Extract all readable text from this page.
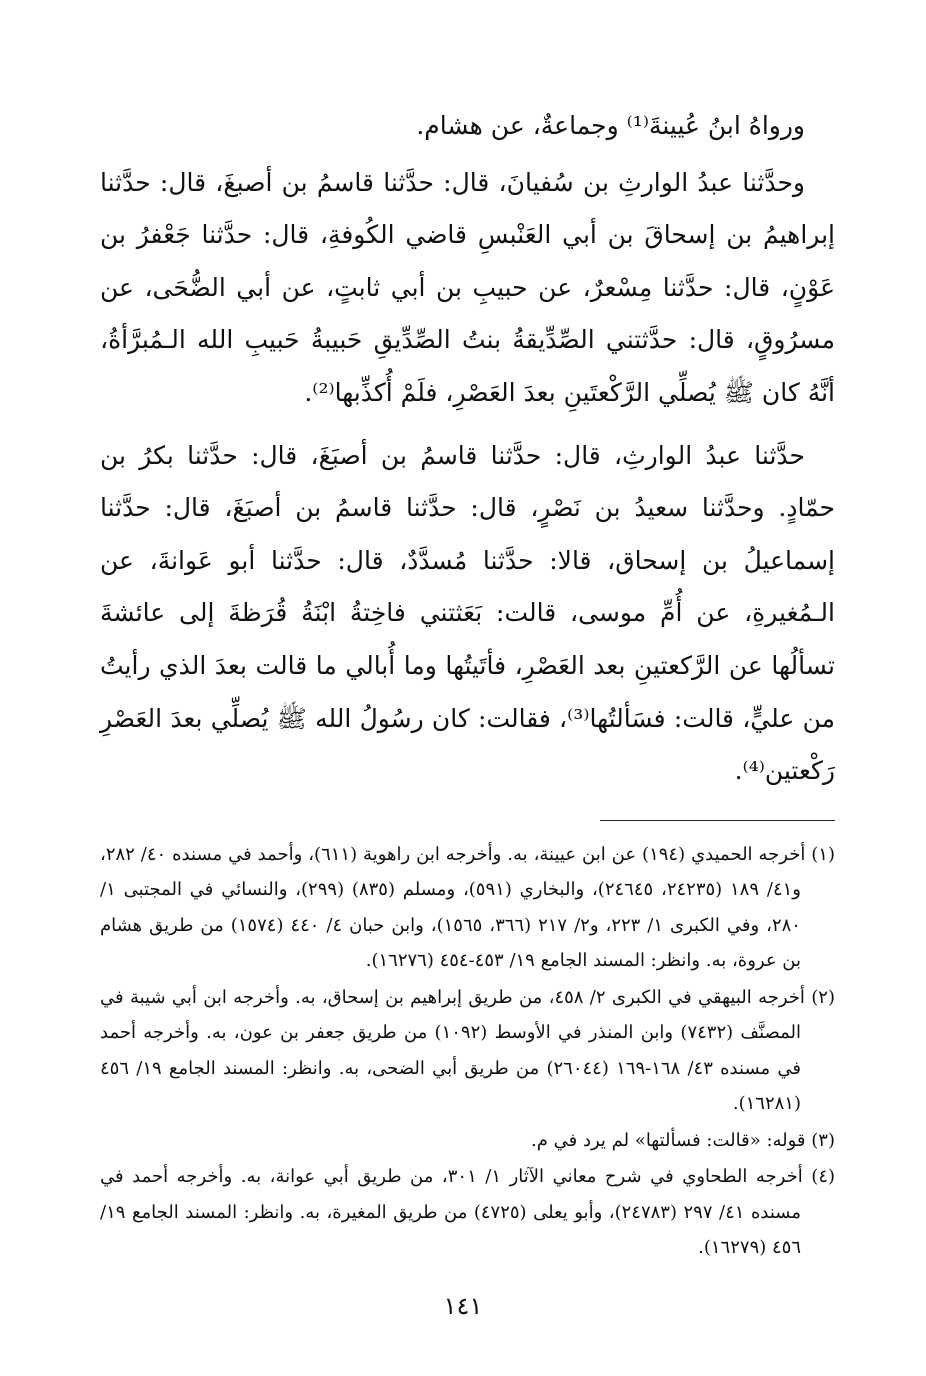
ورواهُ ابنُ عُيينةَ⁽¹⁾ وجماعةٌ، عن هشام.

وحدَّثنا عبدُ الوارثِ بن سُفيانَ، قال: حدَّثنا قاسمُ بن أصبغَ، قال: حدَّثنا إبراهيمُ بن إسحاقَ بن أبي العَنْبسِ قاضي الكُوفةِ، قال: حدَّثنا جَعْفرُ بن عَوْنٍ، قال: حدَّثنا مِسْعرٌ، عن حبيبِ بن أبي ثابتٍ، عن أبي الضُّحَى، عن مسرُوقٍ، قال: حدَّثتني الصِّدِّيقةُ بنتُ الصِّدِّيقِ حَبيبةُ حَبيبِ الله الـمُبرَّأةُ، أنَّهُ كان ﷺ يُصلِّي الرَّكْعتَينِ بعدَ العَصْرِ، فلَمْ أُكذِّبها⁽²⁾.

حدَّثنا عبدُ الوارثِ، قال: حدَّثنا قاسمُ بن أصبَغَ، قال: حدَّثنا بكرُ بن حمّادٍ. وحدَّثنا سعيدُ بن نَصْرٍ، قال: حدَّثنا قاسمُ بن أصبَغَ، قال: حدَّثنا إسماعيلُ بن إسحاق، قالا: حدَّثنا مُسدَّدٌ، قال: حدَّثنا أبو عَوانةَ، عن الـمُغيرةِ، عن أُمِّ موسى، قالت: بَعَثتني فاخِتةُ ابْنَةُ قُرَظةَ إلى عائشةَ تسألُها عن الرَّكعتينِ بعد العَصْرِ، فأتَيتُها وما أُبالي ما قالت بعدَ الذي رأيتُ من عليٍّ، قالت: فسَألتُها⁽³⁾، فقالت: كان رسُولُ الله ﷺ يُصلِّي بعدَ العَصْرِ رَكْعتين⁽⁴⁾.

(١) أخرجه الحميدي (١٩٤) عن ابن عيينة، به. وأخرجه ابن راهوية (٦١١)، وأحمد في مسنده ٤٠/ ٢٨٢، و٤١/ ١٨٩ (٢٤٢٣٥، ٢٤٦٤٥)، والبخاري (٥٩١)، ومسلم (٨٣٥) (٢٩٩)، والنسائي في المجتبى ١/ ٢٨٠، وفي الكبرى ١/ ٢٢٣، و٢/ ٢١٧ (٣٦٦، ١٥٦٥)، وابن حبان ٤/ ٤٤٠ (١٥٧٤) من طريق هشام بن عروة، به. وانظر: المسند الجامع ١٩/ ٤٥٣-٤٥٤ (١٦٢٧٦).

(٢) أخرجه البيهقي في الكبرى ٢/ ٤٥٨، من طريق إبراهيم بن إسحاق، به. وأخرجه ابن أبي شيبة في المصنَّف (٧٤٣٢) وابن المنذر في الأوسط (١٠٩٢) من طريق جعفر بن عون، به. وأخرجه أحمد في مسنده ٤٣/ ١٦٨-١٦٩ (٢٦٠٤٤) من طريق أبي الضحى، به. وانظر: المسند الجامع ١٩/ ٤٥٦ (١٦٢٨١).

(٣) قوله: «قالت: فسألتها» لم يرد في م.

(٤) أخرجه الطحاوي في شرح معاني الآثار ١/ ٣٠١، من طريق أبي عوانة، به. وأخرجه أحمد في مسنده ٤١/ ٢٩٧ (٢٤٧٨٣)، وأبو يعلى (٤٧٢٥) من طريق المغيرة، به. وانظر: المسند الجامع ١٩/ ٤٥٦ (١٦٢٧٩).

١٤١
